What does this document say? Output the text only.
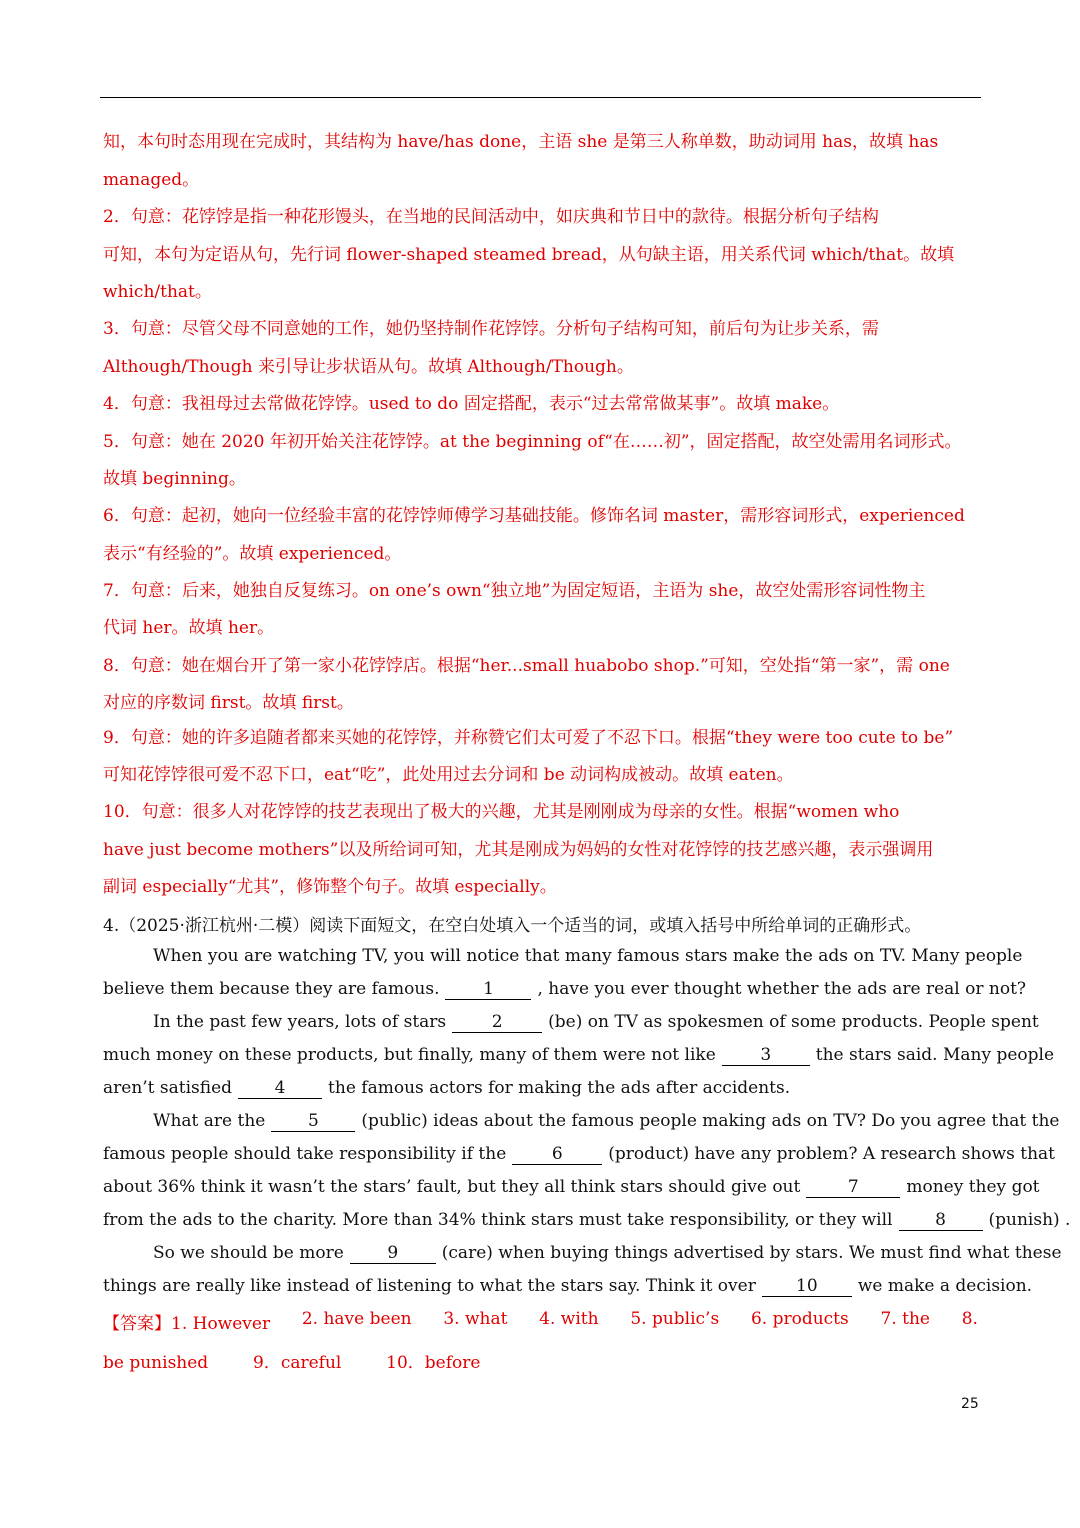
知，本句时态用现在完成时，其结构为 have/has done，主语 she 是第三人称单数，助动词用 has，故填 has
managed。
2．句意：花饽饽是指一种花形馒头，在当地的民间活动中，如庆典和节日中的款待。根据分析句子结构
可知，本句为定语从句，先行词 flower-shaped steamed bread，从句缺主语，用关系代词 which/that。故填
which/that。
3．句意：尽管父母不同意她的工作，她仍坚持制作花饽饽。分析句子结构可知，前后句为让步关系，需
Although/Though 来引导让步状语从句。故填 Although/Though。
4．句意：我祖母过去常做花饽饽。used to do 固定搭配，表示“过去常常做某事”。故填 make。
5．句意：她在 2020 年初开始关注花饽饽。at the beginning of“在……初”，固定搭配，故空处需用名词形式。
故填 beginning。
6．句意：起初，她向一位经验丰富的花饽饽师傅学习基础技能。修饰名词 master，需形容词形式，experienced
表示“有经验的”。故填 experienced。
7．句意：后来，她独自反复练习。on one’s own“独立地”为固定短语，主语为 she，故空处需形容词性物主
代词 her。故填 her。
8．句意：她在烟台开了第一家小花饽饽店。根据“her...small huabobo shop.”可知，空处指“第一家”，需 one
对应的序数词 first。故填 first。
9．句意：她的许多追随者都来买她的花饽饽，并称赞它们太可爱了不忍下口。根据“they were too cute to be”
可知花饽饽很可爱不忍下口，eat“吃”，此处用过去分词和 be 动词构成被动。故填 eaten。
10．句意：很多人对花饽饽的技艺表现出了极大的兴趣，尤其是刚刚成为母亲的女性。根据“women who
have just become mothers”以及所给词可知，尤其是刚成为妈妈的女性对花饽饽的技艺感兴趣，表示强调用
副词 especially“尤其”，修饰整个句子。故填 especially。
4.（2025·浙江杭州·二模）阅读下面短文，在空白处填入一个适当的词，或填入括号中所给单词的正确形式。
When you are watching TV, you will notice that many famous stars make the ads on TV. Many people
believe them because they are famous.	1	, have you ever thought whether the ads are real or not?
In the past few years, lots of stars	2	(be) on TV as spokesmen of some products. People spent
much money on these products, but finally, many of them were not like	3	the stars said. Many people
aren’t satisfied	4	the famous actors for making the ads after accidents.
What are the	5	(public) ideas about the famous people making ads on TV? Do you agree that the
famous people should take responsibility if the	6	(product) have any problem? A research shows that
about 36% think it wasn’t the stars’ fault, but they all think stars should give out	7	money they got
from the ads to the charity. More than 34% think stars must take responsibility, or they will	8	(punish) .
So we should be more	9	(care) when buying things advertised by stars. We must find what these
things are really like instead of listening to what the stars say. Think it over 10 we make a decision.
【答案】1. However 2. have been 3. what 4. with 5. public’s 6. products 7. the 8.
be punished	9．careful	10．before
25
